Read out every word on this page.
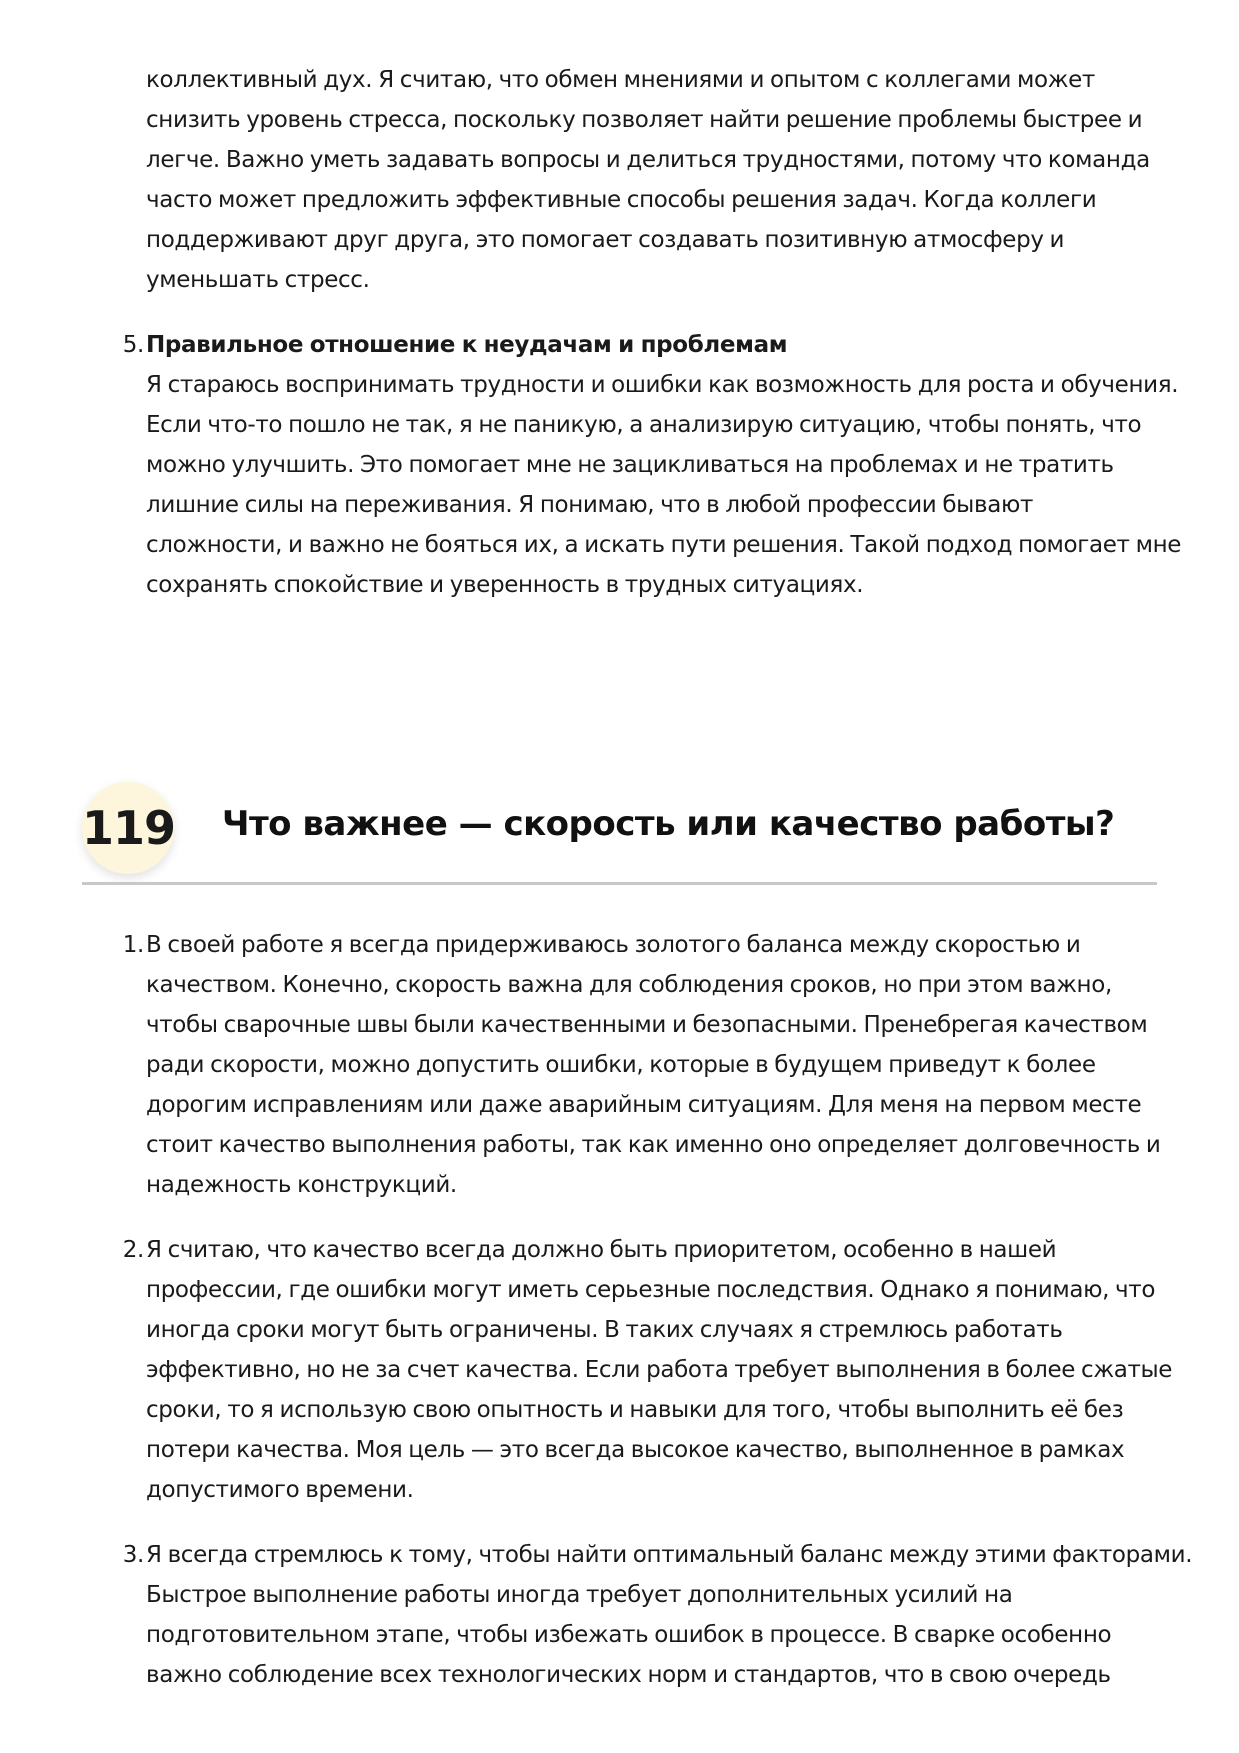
коллективный дух. Я считаю, что обмен мнениями и опытом с коллегами может
снизить уровень стресса, поскольку позволяет найти решение проблемы быстрее и
легче. Важно уметь задавать вопросы и делиться трудностями, потому что команда
часто может предложить эффективные способы решения задач. Когда коллеги
поддерживают друг друга, это помогает создавать позитивную атмосферу и
уменьшать стресс.
5. Правильное отношение к неудачам и проблемам
Я стараюсь воспринимать трудности и ошибки как возможность для роста и обучения.
Если что-то пошло не так, я не паникую, а анализирую ситуацию, чтобы понять, что
можно улучшить. Это помогает мне не зацикливаться на проблемах и не тратить
лишние силы на переживания. Я понимаю, что в любой профессии бывают
сложности, и важно не бояться их, а искать пути решения. Такой подход помогает мне
сохранять спокойствие и уверенность в трудных ситуациях.
119 Что важнее — скорость или качество работы?
1. В своей работе я всегда придерживаюсь золотого баланса между скоростью и
качеством. Конечно, скорость важна для соблюдения сроков, но при этом важно,
чтобы сварочные швы были качественными и безопасными. Пренебрегая качеством
ради скорости, можно допустить ошибки, которые в будущем приведут к более
дорогим исправлениям или даже аварийным ситуациям. Для меня на первом месте
стоит качество выполнения работы, так как именно оно определяет долговечность и
надежность конструкций.
2. Я считаю, что качество всегда должно быть приоритетом, особенно в нашей
профессии, где ошибки могут иметь серьезные последствия. Однако я понимаю, что
иногда сроки могут быть ограничены. В таких случаях я стремлюсь работать
эффективно, но не за счет качества. Если работа требует выполнения в более сжатые
сроки, то я использую свою опытность и навыки для того, чтобы выполнить её без
потери качества. Моя цель — это всегда высокое качество, выполненное в рамках
допустимого времени.
3. Я всегда стремлюсь к тому, чтобы найти оптимальный баланс между этими факторами.
Быстрое выполнение работы иногда требует дополнительных усилий на
подготовительном этапе, чтобы избежать ошибок в процессе. В сварке особенно
важно соблюдение всех технологических норм и стандартов, что в свою очередь
